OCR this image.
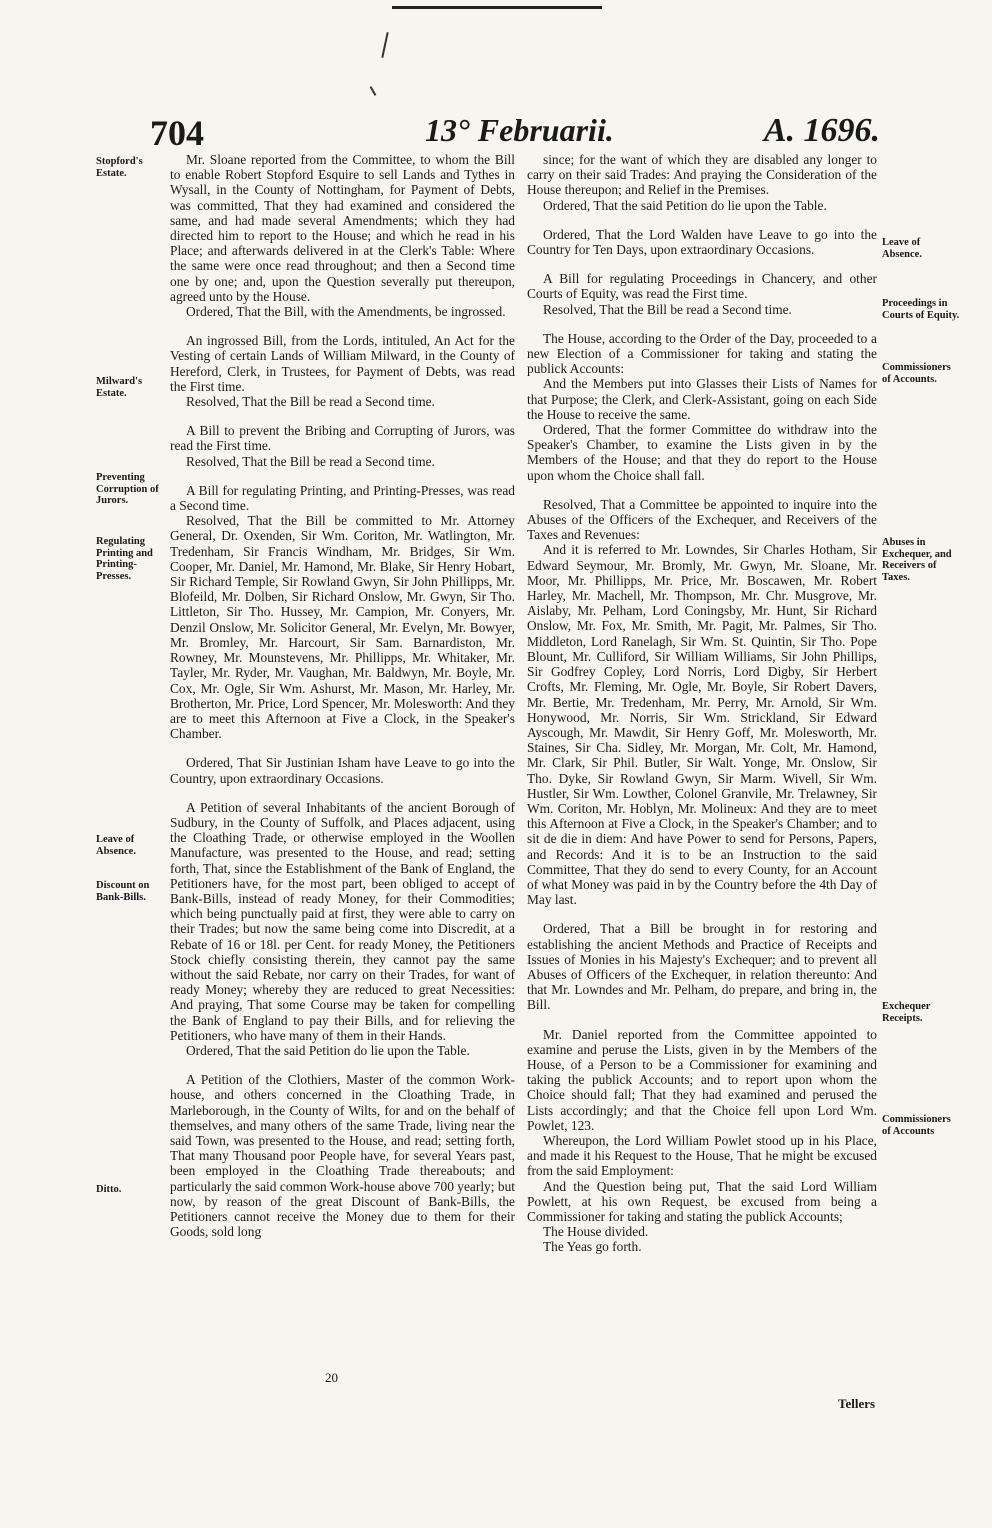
704	13° Februarii.	A. 1696.
Stopford's Estate.
Milward's Estate.
Preventing Corruption of Jurors.
Regulating Printing and Printing-Presses.
Leave of Absence.
Discount on Bank-Bills.
Ditto.
Leave of Absence.
Proceedings in Courts of Equity.
Commissioners of Accounts.
Abuses in Exchequer, and Receivers of Taxes.
Exchequer Receipts.
Commissioners of Accounts

Mr. Sloane reported from the Committee, to whom the Bill to enable Robert Stopford Esquire to sell Lands and Tythes in Wysall, in the County of Nottingham, for Payment of Debts, was committed, That they had examined and considered the same, and had made several Amendments; which they had directed him to report to the House; and which he read in his Place; and afterwards delivered in at the Clerk's Table: Where the same were once read throughout; and then a Second time one by one; and, upon the Question severally put thereupon, agreed unto by the House.

Ordered, That the Bill, with the Amendments, be ingrossed.

An ingrossed Bill, from the Lords, intituled, An Act for the Vesting of certain Lands of William Milward, in the County of Hereford, Clerk, in Trustees, for Payment of Debts, was read the First time.

Resolved, That the Bill be read a Second time.

A Bill to prevent the Bribing and Corrupting of Jurors, was read the First time.

Resolved, That the Bill be read a Second time.

A Bill for regulating Printing, and Printing-Presses, was read a Second time.

Resolved, That the Bill be committed to Mr. Attorney General, Dr. Oxenden, Sir Wm. Coriton, Mr. Watlington, Mr. Tredenham, Sir Francis Windham, Mr. Bridges, Sir Wm. Cooper, Mr. Daniel, Mr. Hamond, Mr. Blake, Sir Henry Hobart, Sir Richard Temple, Sir Rowland Gwyn, Sir John Phillipps, Mr. Blofeild, Mr. Dolben, Sir Richard Onslow, Mr. Gwyn, Sir Tho. Littleton, Sir Tho. Hussey, Mr. Campion, Mr. Conyers, Mr. Denzil Onslow, Mr. Solicitor General, Mr. Evelyn, Mr. Bowyer, Mr. Bromley, Mr. Harcourt, Sir Sam. Barnardiston, Mr. Rowney, Mr. Mounstevens, Mr. Phillipps, Mr. Whitaker, Mr. Tayler, Mr. Ryder, Mr. Vaughan, Mr. Baldwyn, Mr. Boyle, Mr. Cox, Mr. Ogle, Sir Wm. Ashurst, Mr. Mason, Mr. Harley, Mr. Brotherton, Mr. Price, Lord Spencer, Mr. Molesworth: And they are to meet this Afternoon at Five a Clock, in the Speaker's Chamber.

Ordered, That Sir Justinian Isham have Leave to go into the Country, upon extraordinary Occasions.

A Petition of several Inhabitants of the ancient Borough of Sudbury, in the County of Suffolk, and Places adjacent, using the Cloathing Trade, or otherwise employed in the Woollen Manufacture, was presented to the House, and read; setting forth, That, since the Establishment of the Bank of England, the Petitioners have, for the most part, been obliged to accept of Bank-Bills, instead of ready Money, for their Commodities; which being punctually paid at first, they were able to carry on their Trades; but now the same being come into Discredit, at a Rebate of 16 or 18l. per Cent. for ready Money, the Petitioners Stock chiefly consisting therein, they cannot pay the same without the said Rebate, nor carry on their Trades, for want of ready Money; whereby they are reduced to great Necessities: And praying, That some Course may be taken for compelling the Bank of England to pay their Bills, and for relieving the Petitioners, who have many of them in their Hands.

Ordered, That the said Petition do lie upon the Table.

A Petition of the Clothiers, Master of the common Work-house, and others concerned in the Cloathing Trade, in Marleborough, in the County of Wilts, for and on the behalf of themselves, and many others of the same Trade, living near the said Town, was presented to the House, and read; setting forth, That many Thousand poor People have, for several Years past, been employed in the Cloathing Trade thereabouts; and particularly the said common Work-house above 700 yearly; but now, by reason of the great Discount of Bank-Bills, the Petitioners cannot receive the Money due to them for their Goods, sold long

since; for the want of which they are disabled any longer to carry on their said Trades: And praying the Consideration of the House thereupon; and Relief in the Premises.

Ordered, That the said Petition do lie upon the Table.

Ordered, That the Lord Walden have Leave to go into the Country for Ten Days, upon extraordinary Occasions.

A Bill for regulating Proceedings in Chancery, and other Courts of Equity, was read the First time.

Resolved, That the Bill be read a Second time.

The House, according to the Order of the Day, proceeded to a new Election of a Commissioner for taking and stating the publick Accounts:

And the Members put into Glasses their Lists of Names for that Purpose; the Clerk, and Clerk-Assistant, going on each Side the House to receive the same.

Ordered, That the former Committee do withdraw into the Speaker's Chamber, to examine the Lists given in by the Members of the House; and that they do report to the House upon whom the Choice shall fall.

Resolved, That a Committee be appointed to inquire into the Abuses of the Officers of the Exchequer, and Receivers of the Taxes and Revenues:

And it is referred to Mr. Lowndes, Sir Charles Hotham, Sir Edward Seymour, Mr. Bromly, Mr. Gwyn, Mr. Sloane, Mr. Moor, Mr. Phillipps, Mr. Price, Mr. Boscawen, Mr. Robert Harley, Mr. Machell, Mr. Thompson, Mr. Chr. Musgrove, Mr. Aislaby, Mr. Pelham, Lord Coningsby, Mr. Hunt, Sir Richard Onslow, Mr. Fox, Mr. Smith, Mr. Pagit, Mr. Palmes, Sir Tho. Middleton, Lord Ranelagh, Sir Wm. St. Quintin, Sir Tho. Pope Blount, Mr. Culliford, Sir William Williams, Sir John Phillips, Sir Godfrey Copley, Lord Norris, Lord Digby, Sir Herbert Crofts, Mr. Fleming, Mr. Ogle, Mr. Boyle, Sir Robert Davers, Mr. Bertie, Mr. Tredenham, Mr. Perry, Mr. Arnold, Sir Wm. Honywood, Mr. Norris, Sir Wm. Strickland, Sir Edward Ayscough, Mr. Mawdit, Sir Henry Goff, Mr. Molesworth, Mr. Staines, Sir Cha. Sidley, Mr. Morgan, Mr. Colt, Mr. Hamond, Mr. Clark, Sir Phil. Butler, Sir Walt. Yonge, Mr. Onslow, Sir Tho. Dyke, Sir Rowland Gwyn, Sir Marm. Wivell, Sir Wm. Hustler, Sir Wm. Lowther, Colonel Granvile, Mr. Trelawney, Sir Wm. Coriton, Mr. Hoblyn, Mr. Molineux: And they are to meet this Afternoon at Five a Clock, in the Speaker's Chamber; and to sit de die in diem: And have Power to send for Persons, Papers, and Records: And it is to be an Instruction to the said Committee, That they do send to every County, for an Account of what Money was paid in by the Country before the 4th Day of May last.

Ordered, That a Bill be brought in for restoring and establishing the ancient Methods and Practice of Receipts and Issues of Monies in his Majesty's Exchequer; and to prevent all Abuses of Officers of the Exchequer, in relation thereunto: And that Mr. Lowndes and Mr. Pelham, do prepare, and bring in, the Bill.

Mr. Daniel reported from the Committee appointed to examine and peruse the Lists, given in by the Members of the House, of a Person to be a Commissioner for examining and taking the publick Accounts; and to report upon whom the Choice should fall; That they had examined and perused the Lists accordingly; and that the Choice fell upon Lord Wm. Powlet, 123.

Whereupon, the Lord William Powlet stood up in his Place, and made it his Request to the House, That he might be excused from the said Employment:

And the Question being put, That the said Lord William Powlett, at his own Request, be excused from being a Commissioner for taking and stating the publick Accounts;

The House divided.

The Yeas go forth.

20
Tellers
